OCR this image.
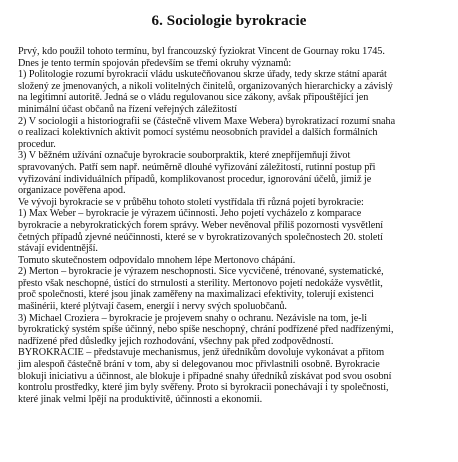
6. Sociologie byrokracie
Prvý, kdo použil tohoto termínu, byl francouzský fyziokrat Vincent de Gournay roku 1745.
Dnes je tento termín spojován především se třemi okruhy významů:
1) Politologie rozumí byrokracií vládu uskutečňovanou skrze úřady, tedy skrze státní aparát
složený ze jmenovaných, a nikoli volitelných činitelů, organizovaných hierarchicky a závislý
na legitimní autoritě. Jedná se o vládu regulovanou sice zákony, avšak připouštějící jen
minimální účast občanů na řízení veřejných záležitostí
2) V sociologii a historiografii se (částečně vlivem Maxe Webera) byrokratizací rozumí snaha
o realizaci kolektivních aktivit pomocí systému neosobních pravidel a dalších formálních
procedur.
3) V běžném užívání označuje byrokracie souborpraktik, které znepříjemňují život
spravovaných. Patří sem např. neúměrně dlouhé vyřizování záležitostí, rutinní postup při
vyřizování individuálních případů, komplikovanost procedur, ignorování účelů, jimiž je
organizace pověřena apod.
Ve vývoji byrokracie se v průběhu tohoto století vystřídala tři různá pojetí byrokracie:
1) Max Weber – byrokracie je výrazem účinnosti. Jeho pojetí vycházelo z komparace
byrokracie a nebyrokratických forem správy. Weber nevěnoval příliš pozornosti vysvětlení
četných případů zjevné neúčinnosti, které se v byrokratizovaných společnostech 20. století
stávají evidentnější.
Tomuto skutečnostem odpovídalo mnohem lépe Mertonovo chápání.
2) Merton – byrokracie je výrazem neschopnosti. Sice vycvičené, trénované, systematické,
přesto však neschopné, ústící do strnulosti a sterility. Mertonovo pojetí nedokáže vysvětlit,
proč společnosti, které jsou jinak zaměřeny na maximalizaci efektivity, tolerují existenci
mašinérii, které plýtvají časem, energií i nervy svých spoluobčanů.
3) Michael Croziera – byrokracie je projevem snahy o ochranu. Nezávisle na tom, je-li
byrokratický systém spíše účinný, nebo spíše neschopný, chrání podřízené před nadřízenými,
nadřízené před důsledky jejich rozhodování, všechny pak před zodpovědností.
BYROKRACIE – představuje mechanismus, jenž úředníkům dovoluje vykonávat a přitom
jim alespoň částečně brání v tom, aby si delegovanou moc přivlastnili osobně. Byrokracie
blokuji iniciativu a účinnost, ale blokuje i případné snahy úředníků získávat pod svou osobní
kontrolu prostředky, které jim byly svěřeny. Proto si byrokracii ponechávají i ty společnosti,
které jinak velmi lpějí na produktivitě, účinnosti a ekonomii.
